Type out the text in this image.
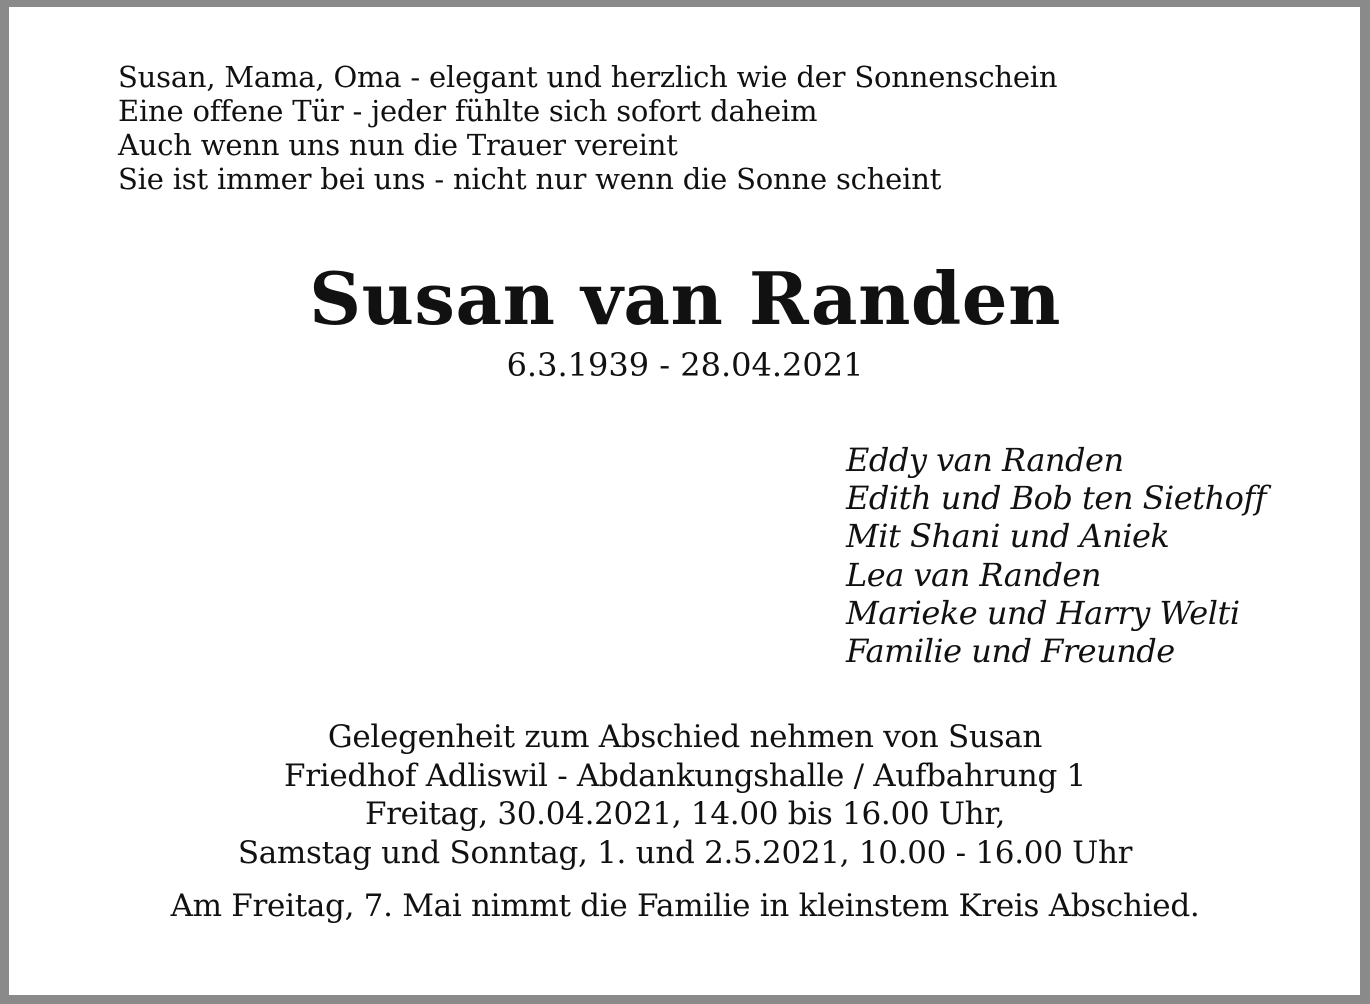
Susan, Mama, Oma - elegant und herzlich wie der Sonnenschein
Eine offene Tür - jeder fühlte sich sofort daheim
Auch wenn uns nun die Trauer vereint
Sie ist immer bei uns - nicht nur wenn die Sonne scheint
Susan van Randen
6.3.1939 - 28.04.2021
Eddy van Randen
Edith und Bob ten Siethoff
Mit Shani und Aniek
Lea van Randen
Marieke und Harry Welti
Familie und Freunde
Gelegenheit zum Abschied nehmen von Susan
Friedhof Adliswil - Abdankungshalle / Aufbahrung 1
Freitag, 30.04.2021, 14.00 bis 16.00 Uhr,
Samstag und Sonntag, 1. und 2.5.2021, 10.00 - 16.00 Uhr
Am Freitag, 7. Mai nimmt die Familie in kleinstem Kreis Abschied.
